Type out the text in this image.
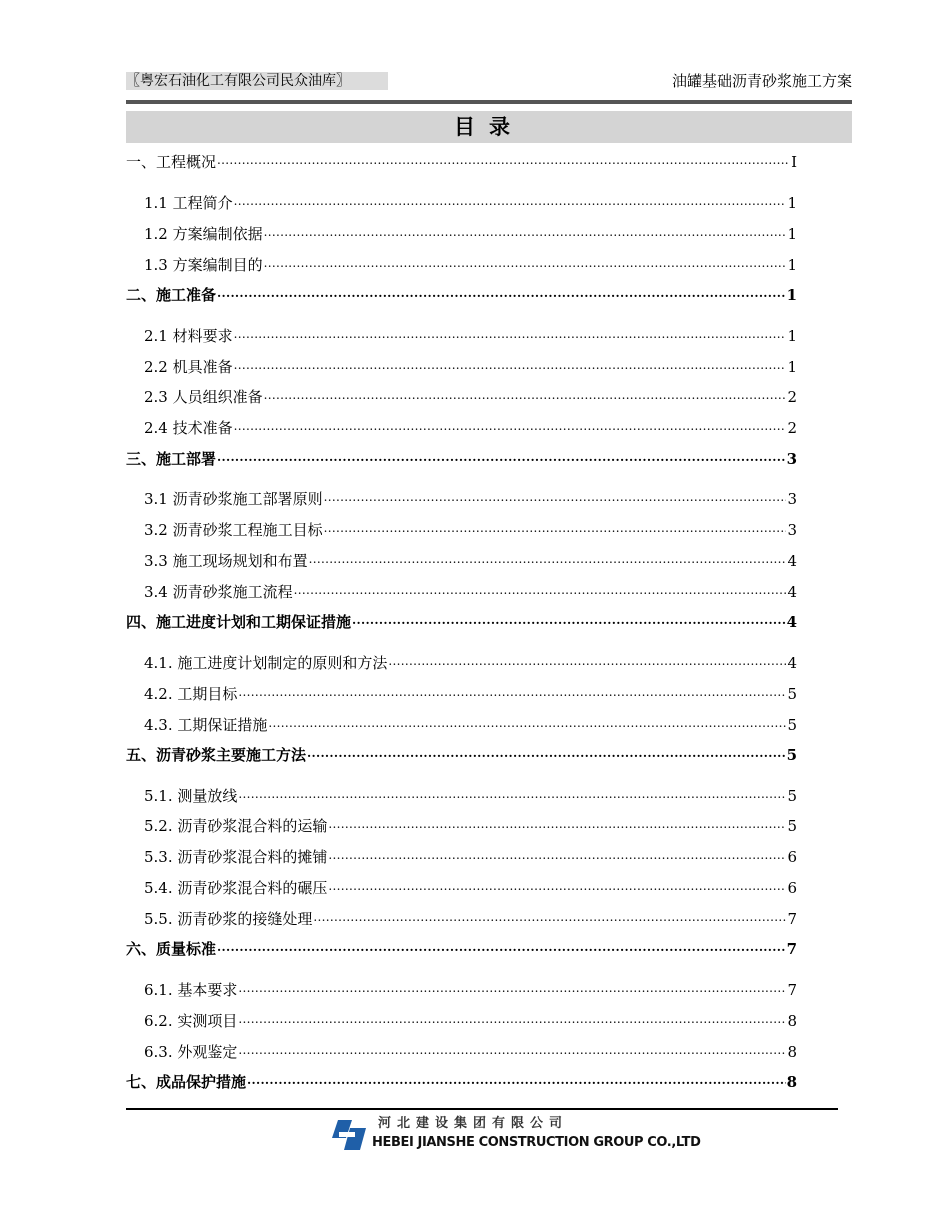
〖粤宏石油化工有限公司民众油库〗	油罐基础沥青砂浆施工方案
目录
一、工程概况 .....	I
1.1 工程简介 .....	1
1.2 方案编制依据 .....	1
1.3 方案编制目的 .....	1
二、施工准备 .....	1
2.1 材料要求 .....	1
2.2 机具准备 .....	1
2.3 人员组织准备 .....	2
2.4 技术准备 .....	2
三、施工部署 .....	3
3.1 沥青砂浆施工部署原则 .....	3
3.2 沥青砂浆工程施工目标 .....	3
3.3 施工现场规划和布置 .....	4
3.4 沥青砂浆施工流程 .....	4
四、施工进度计划和工期保证措施 .....	4
4.1. 施工进度计划制定的原则和方法 .....	4
4.2. 工期目标 .....	5
4.3. 工期保证措施 .....	5
五、沥青砂浆主要施工方法 .....	5
5.1. 测量放线 .....	5
5.2. 沥青砂浆混合料的运输 .....	5
5.3. 沥青砂浆混合料的摊铺 .....	6
5.4. 沥青砂浆混合料的碾压 .....	6
5.5. 沥青砂浆的接缝处理 .....	7
六、质量标准 .....	7
6.1. 基本要求 .....	7
6.2. 实测项目 .....	8
6.3. 外观鉴定 .....	8
七、成品保护措施 .....	8
河北建设集团有限公司
HEBEI JIANSHE CONSTRUCTION GROUP CO.,LTD
